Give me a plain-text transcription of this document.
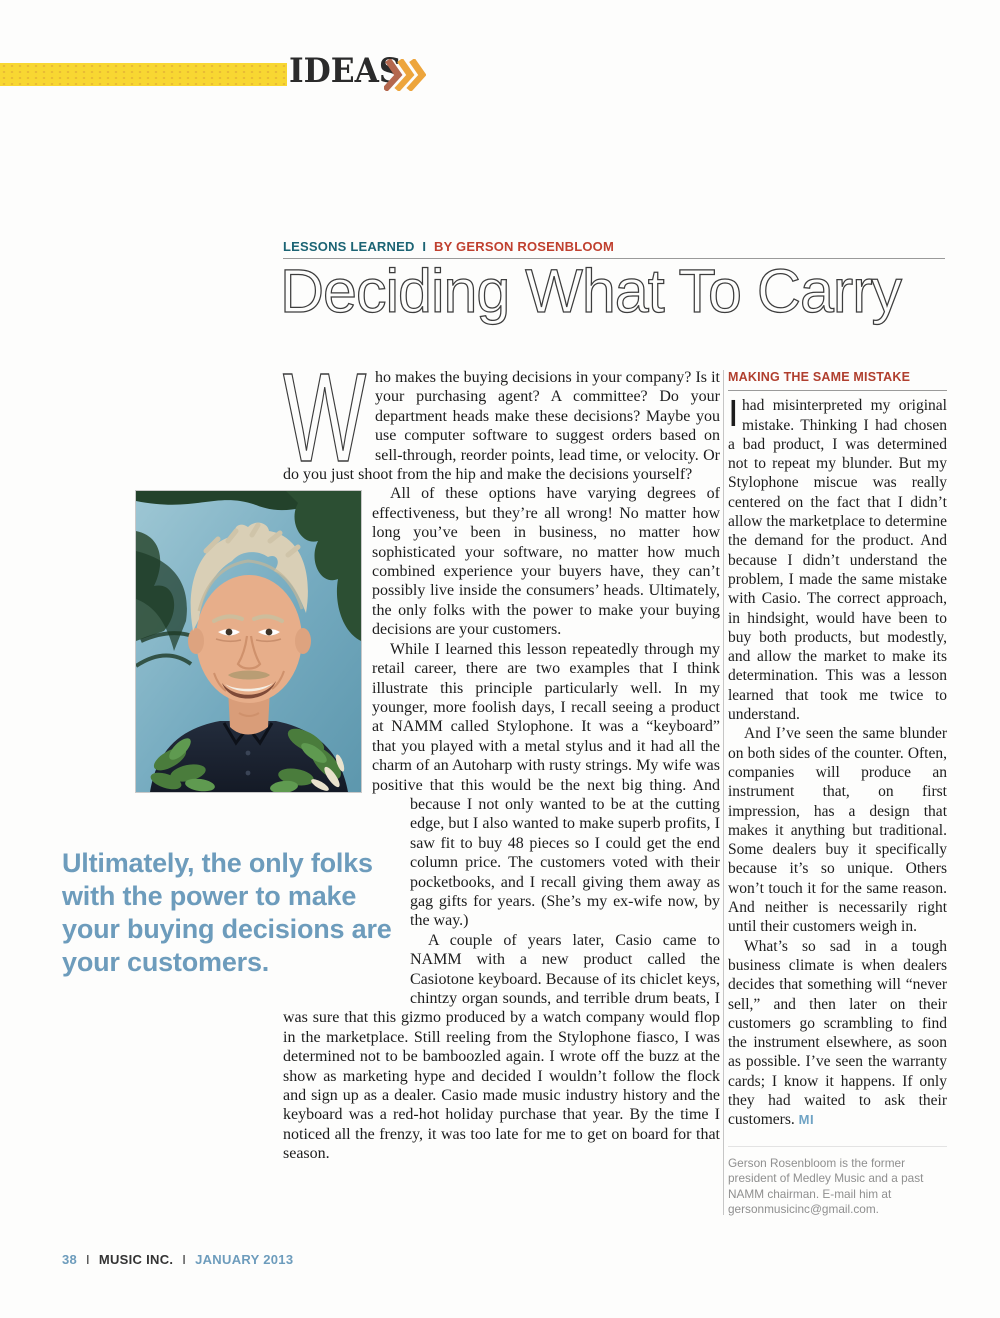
IDEAS
LESSONS LEARNED I BY GERSON ROSENBLOOM
Deciding What To Carry

W ho makes the buying decisions in your company? Is it your purchasing agent? A committee? Do your department heads make these decisions? Maybe you use computer software to suggest orders based on sell-through, reorder points, lead time, or velocity. Or do you just shoot from the hip and make the decisions yourself?

Ultimately, the only folks with the power to make your buying decisions are your customers.

All of these options have varying degrees of effectiveness, but they’re all wrong! No matter how long you’ve been in business, no matter how sophisticated your software, no matter how much combined experience your buyers have, they can’t possibly live inside the consumers’ heads. Ultimately, the only folks with the power to make your buying decisions are your customers.

While I learned this lesson repeatedly through my retail career, there are two examples that I think illustrate this principle particularly well. In my younger, more foolish days, I recall seeing a product at NAMM called Stylophone. It was a “keyboard” that you played with a metal stylus and it had all the charm of an Autoharp with rusty strings. My wife was positive that this would be the next big thing. And because I not only wanted to be at the cutting edge, but I also wanted to make superb profits, I saw fit to buy 48 pieces so I could get the end column price. The customers voted with their pocketbooks, and I recall giving them away as gag gifts for years. (She’s my ex-wife now, by the way.)

A couple of years later, Casio came to NAMM with a new product called the Casiotone keyboard. Because of its chiclet keys, chintzy organ sounds, and terrible drum beats, I was sure that this gizmo produced by a watch company would flop in the marketplace. Still reeling from the Stylophone fiasco, I was determined not to be bamboozled again. I wrote off the buzz at the show as marketing hype and decided I wouldn’t follow the flock and sign up as a dealer. Casio made music industry history and the keyboard was a red-hot holiday purchase that year. By the time I noticed all the frenzy, it was too late for me to get on board for that season.

MAKING THE SAME MISTAKE

Ihad misinterpreted my original mistake. Thinking I had chosen a bad product, I was determined not to repeat my blunder. But my Stylophone miscue was really centered on the fact that I didn’t allow the marketplace to determine the demand for the product. And because I didn’t understand the problem, I made the same mistake with Casio. The correct approach, in hindsight, would have been to buy both products, but modestly, and allow the market to make its determination. This was a lesson learned that took me twice to understand.

And I’ve seen the same blunder on both sides of the counter. Often, companies will produce an instrument that, on first impression, has a design that makes it anything but traditional. Some dealers buy it specifically because it’s so unique. Others won’t touch it for the same reason. And neither is necessarily right until their customers weigh in.

What’s so sad in a tough business climate is when dealers decides that something will “never sell,” and then later on their customers go scrambling to find the instrument elsewhere, as soon as possible. I’ve seen the warranty cards; I know it happens. If only they had waited to ask their customers. MI

Gerson Rosenbloom is the former president of Medley Music and a past NAMM chairman. E-mail him at gersonmusicinc@gmail.com.
38 I MUSIC INC. I JANUARY 2013
